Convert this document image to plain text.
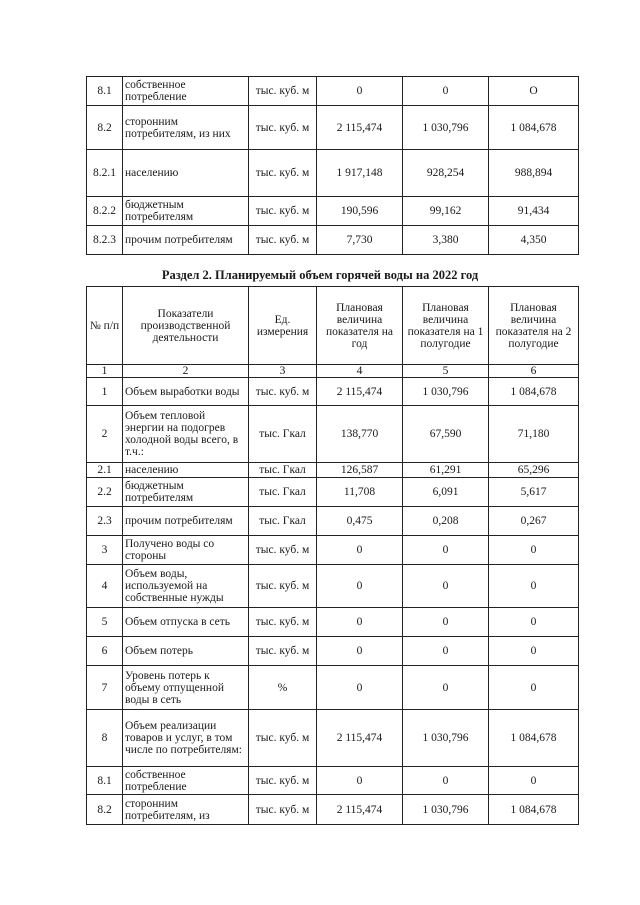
8.1	собственное потребление	тыс. куб. м	0	0	О
8.2	сторонним потребителям, из них	тыс. куб. м	2 115,474	1 030,796	1 084,678
8.2.1	населению	тыс. куб. м	1 917,148	928,254	988,894
8.2.2	бюджетным потребителям	тыс. куб. м	190,596	99,162	91,434
8.2.3	прочим потребителям	тыс. куб. м	7,730	3,380	4,350
Раздел 2. Планируемый объем горячей воды на 2022 год
№ п/п	Показатели производственной деятельности	Ед. измерения	Плановая величина показателя на год	Плановая величина показателя на 1 полугодие	Плановая величина показателя на 2 полугодие
1	2	3	4	5	6
1	Объем выработки воды	тыс. куб. м	2 115,474	1 030,796	1 084,678
2	Объем тепловой энергии на подогрев холодной воды всего, в т.ч.:	тыс. Гкал	138,770	67,590	71,180
2.1	населению	тыс. Гкал	126,587	61,291	65,296
2.2	бюджетным потребителям	тыс. Гкал	11,708	6,091	5,617
2.3	прочим потребителям	тыс. Гкал	0,475	0,208	0,267
3	Получено воды со стороны	тыс. куб. м	0	0	0
4	Объем воды, используемой на собственные нужды	тыс. куб. м	0	0	0
5	Объем отпуска в сеть	тыс. куб. м	0	0	0
6	Объем потерь	тыс. куб. м	0	0	0
7	Уровень потерь к объему отпущенной воды в сеть	%	0	0	0
8	Объем реализации товаров и услуг, в том числе по потребителям:	тыс. куб. м	2 115,474	1 030,796	1 084,678
8.1	собственное потребление	тыс. куб. м	0	0	0
8.2	сторонним потребителям, из	тыс. куб. м	2 115,474	1 030,796	1 084,678
